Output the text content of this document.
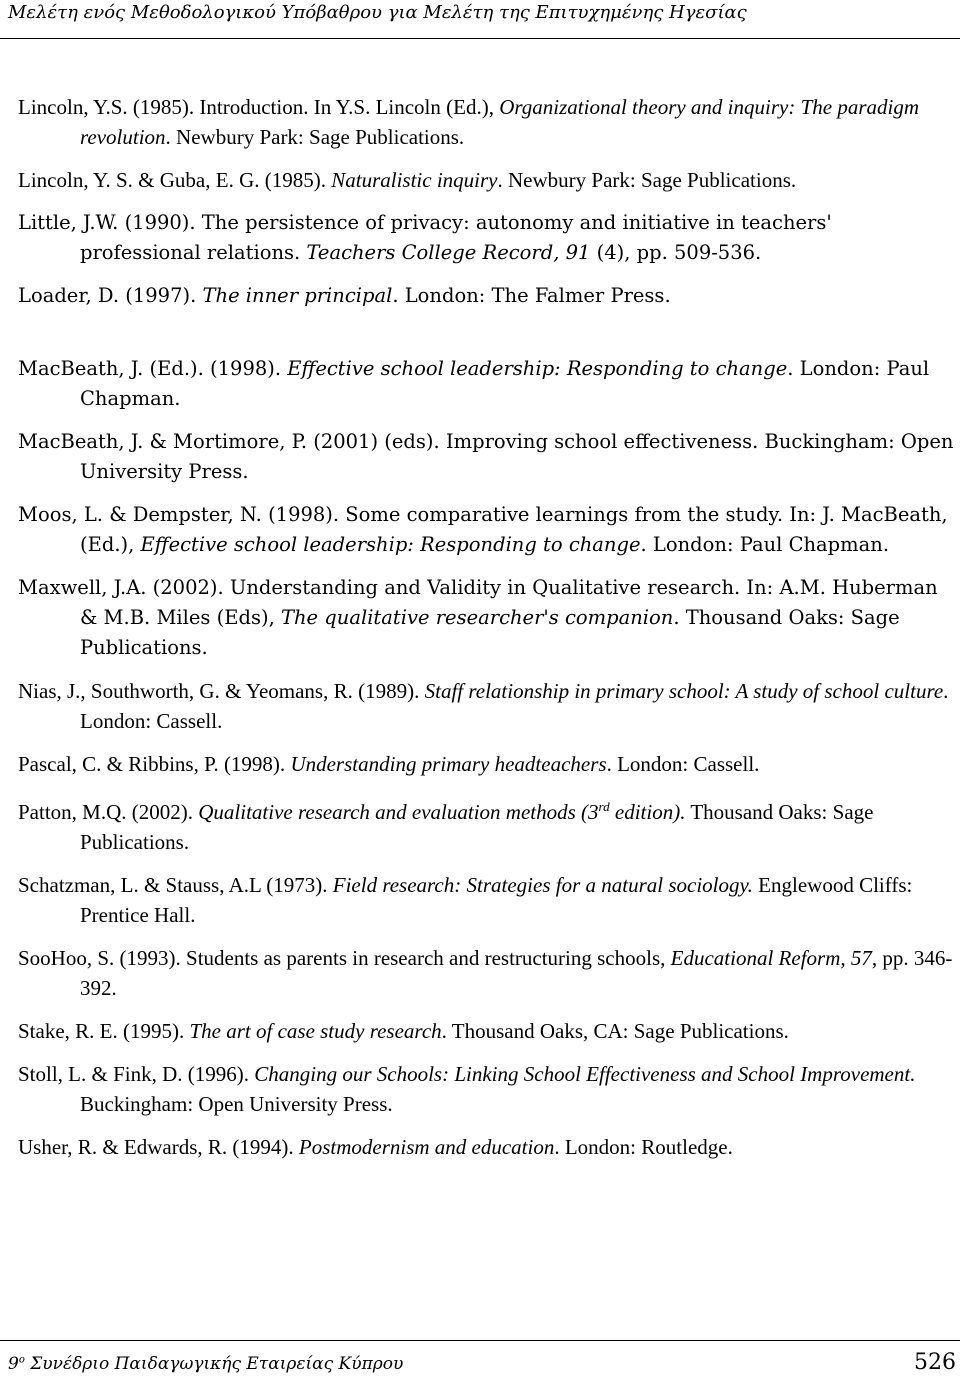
Μελέτη ενός Μεθοδολογικού Υπόβαθρου για Μελέτη της Επιτυχημένης Ηγεσίας

Lincoln, Y.S. (1985). Introduction. In Y.S. Lincoln (Ed.), Organizational theory and inquiry: The paradigm revolution. Newbury Park: Sage Publications.

Lincoln, Y. S. & Guba, E. G. (1985). Naturalistic inquiry. Newbury Park: Sage Publications.

Little, J.W. (1990). The persistence of privacy: autonomy and initiative in teachers' professional relations. Teachers College Record, 91 (4), pp. 509-536.

Loader, D. (1997). The inner principal. London: The Falmer Press.

MacBeath, J. (Ed.). (1998). Effective school leadership: Responding to change. London: Paul Chapman.

MacBeath, J. & Mortimore, P. (2001) (eds). Improving school effectiveness. Buckingham: Open University Press.

Moos, L. & Dempster, N. (1998). Some comparative learnings from the study. In: J. MacBeath, (Ed.), Effective school leadership: Responding to change. London: Paul Chapman.

Maxwell, J.A. (2002). Understanding and Validity in Qualitative research. In: A.M. Huberman & M.B. Miles (Eds), The qualitative researcher's companion. Thousand Oaks: Sage Publications.

Nias, J., Southworth, G. & Yeomans, R. (1989). Staff relationship in primary school: A study of school culture. London: Cassell.

Pascal, C. & Ribbins, P. (1998). Understanding primary headteachers. London: Cassell.

Patton, M.Q. (2002). Qualitative research and evaluation methods (3rd edition). Thousand Oaks: Sage Publications.

Schatzman, L. & Stauss, A.L (1973). Field research: Strategies for a natural sociology. Englewood Cliffs: Prentice Hall.

SooHoo, S. (1993). Students as parents in research and restructuring schools, Educational Reform, 57, pp. 346-392.

Stake, R. E. (1995). The art of case study research. Thousand Oaks, CA: Sage Publications.

Stoll, L. & Fink, D. (1996). Changing our Schools: Linking School Effectiveness and School Improvement. Buckingham: Open University Press.

Usher, R. & Edwards, R. (1994). Postmodernism and education. London: Routledge.

$9^o$ Συνέδριο Παιδαγωγικής Εταιρείας Κύπρου	526
